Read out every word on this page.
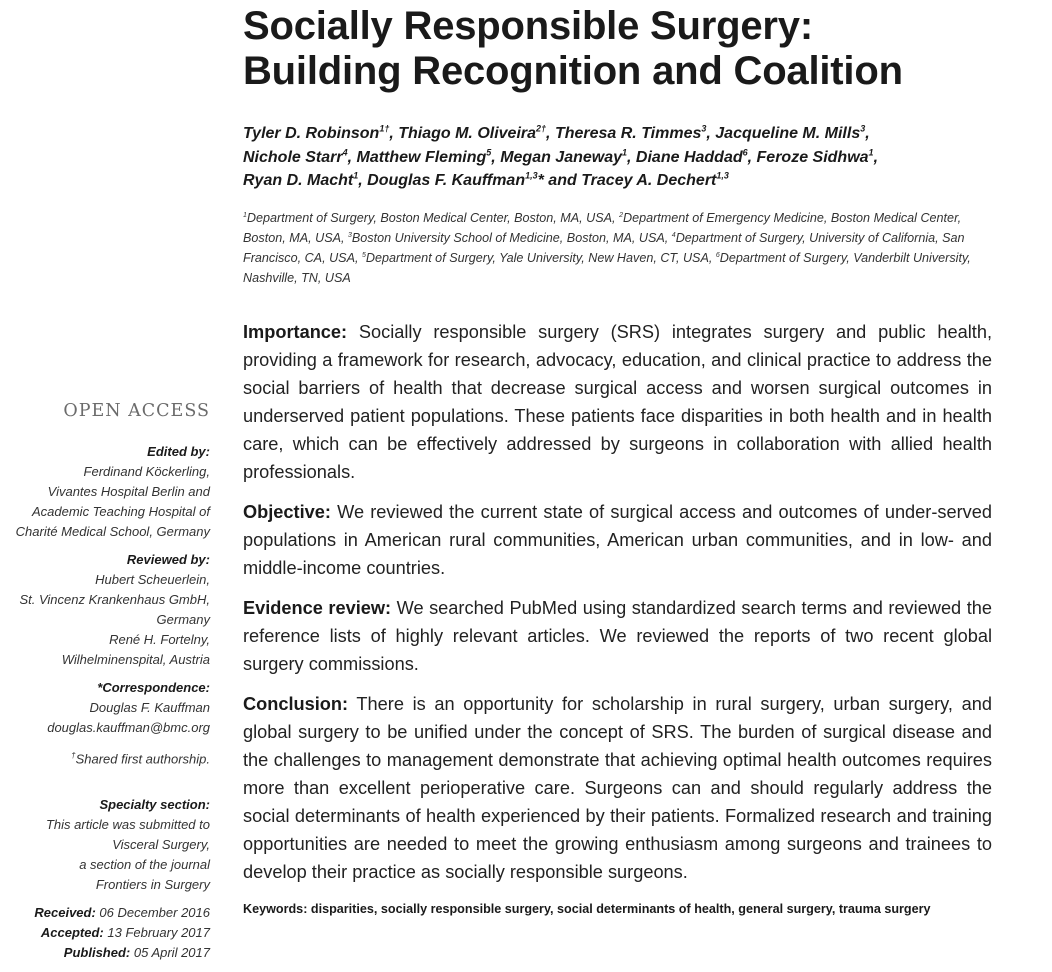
Socially Responsible Surgery:
Building Recognition and Coalition

Tyler D. Robinson$^{1\dagger}$, Thiago M. Oliveira$^{2\dagger}$, Theresa R. Timmes$^3$, Jacqueline M. Mills$^3$,
Nichole Starr$^4$, Matthew Fleming$^5$, Megan Janeway$^1$, Diane Haddad$^6$, Feroze Sidhwa$^1$,
Ryan D. Macht$^1$, Douglas F. Kauffman$^{1,3}$* and Tracey A. Dechert$^{1,3}$

$^1$Department of Surgery, Boston Medical Center, Boston, MA, USA, $^2$Department of Emergency Medicine, Boston Medical Center, Boston, MA, USA, $^3$Boston University School of Medicine, Boston, MA, USA, $^4$Department of Surgery, University of California, San Francisco, CA, USA, $^5$Department of Surgery, Yale University, New Haven, CT, USA, $^6$Department of Surgery, Vanderbilt University, Nashville, TN, USA

Importance: Socially responsible surgery (SRS) integrates surgery and public health, providing a framework for research, advocacy, education, and clinical practice to address the social barriers of health that decrease surgical access and worsen surgical outcomes in underserved patient populations. These patients face disparities in both health and in health care, which can be effectively addressed by surgeons in collaboration with allied health professionals.

Objective: We reviewed the current state of surgical access and outcomes of under-served populations in American rural communities, American urban communities, and in low- and middle-income countries.

Evidence review: We searched PubMed using standardized search terms and reviewed the reference lists of highly relevant articles. We reviewed the reports of two recent global surgery commissions.

Conclusion: There is an opportunity for scholarship in rural surgery, urban surgery, and global surgery to be unified under the concept of SRS. The burden of surgical disease and the challenges to management demonstrate that achieving optimal health outcomes requires more than excellent perioperative care. Surgeons can and should regularly address the social determinants of health experienced by their patients. Formalized research and training opportunities are needed to meet the growing enthusiasm among surgeons and trainees to develop their practice as socially responsible surgeons.

Keywords: disparities, socially responsible surgery, social determinants of health, general surgery, trauma surgery

OPEN ACCESS
Edited by:
Ferdinand Köckerling,
Vivantes Hospital Berlin and
Academic Teaching Hospital of
Charité Medical School, Germany
Reviewed by:
Hubert Scheuerlein,
St. Vincenz Krankenhaus GmbH,
Germany
René H. Fortelny,
Wilhelminenspital, Austria
*Correspondence:
Douglas F. Kauffman
douglas.kauffman@bmc.org
†Shared first authorship.
Specialty section:
This article was submitted to
Visceral Surgery,
a section of the journal
Frontiers in Surgery
Received: 06 December 2016
Accepted: 13 February 2017
Published: 05 April 2017
